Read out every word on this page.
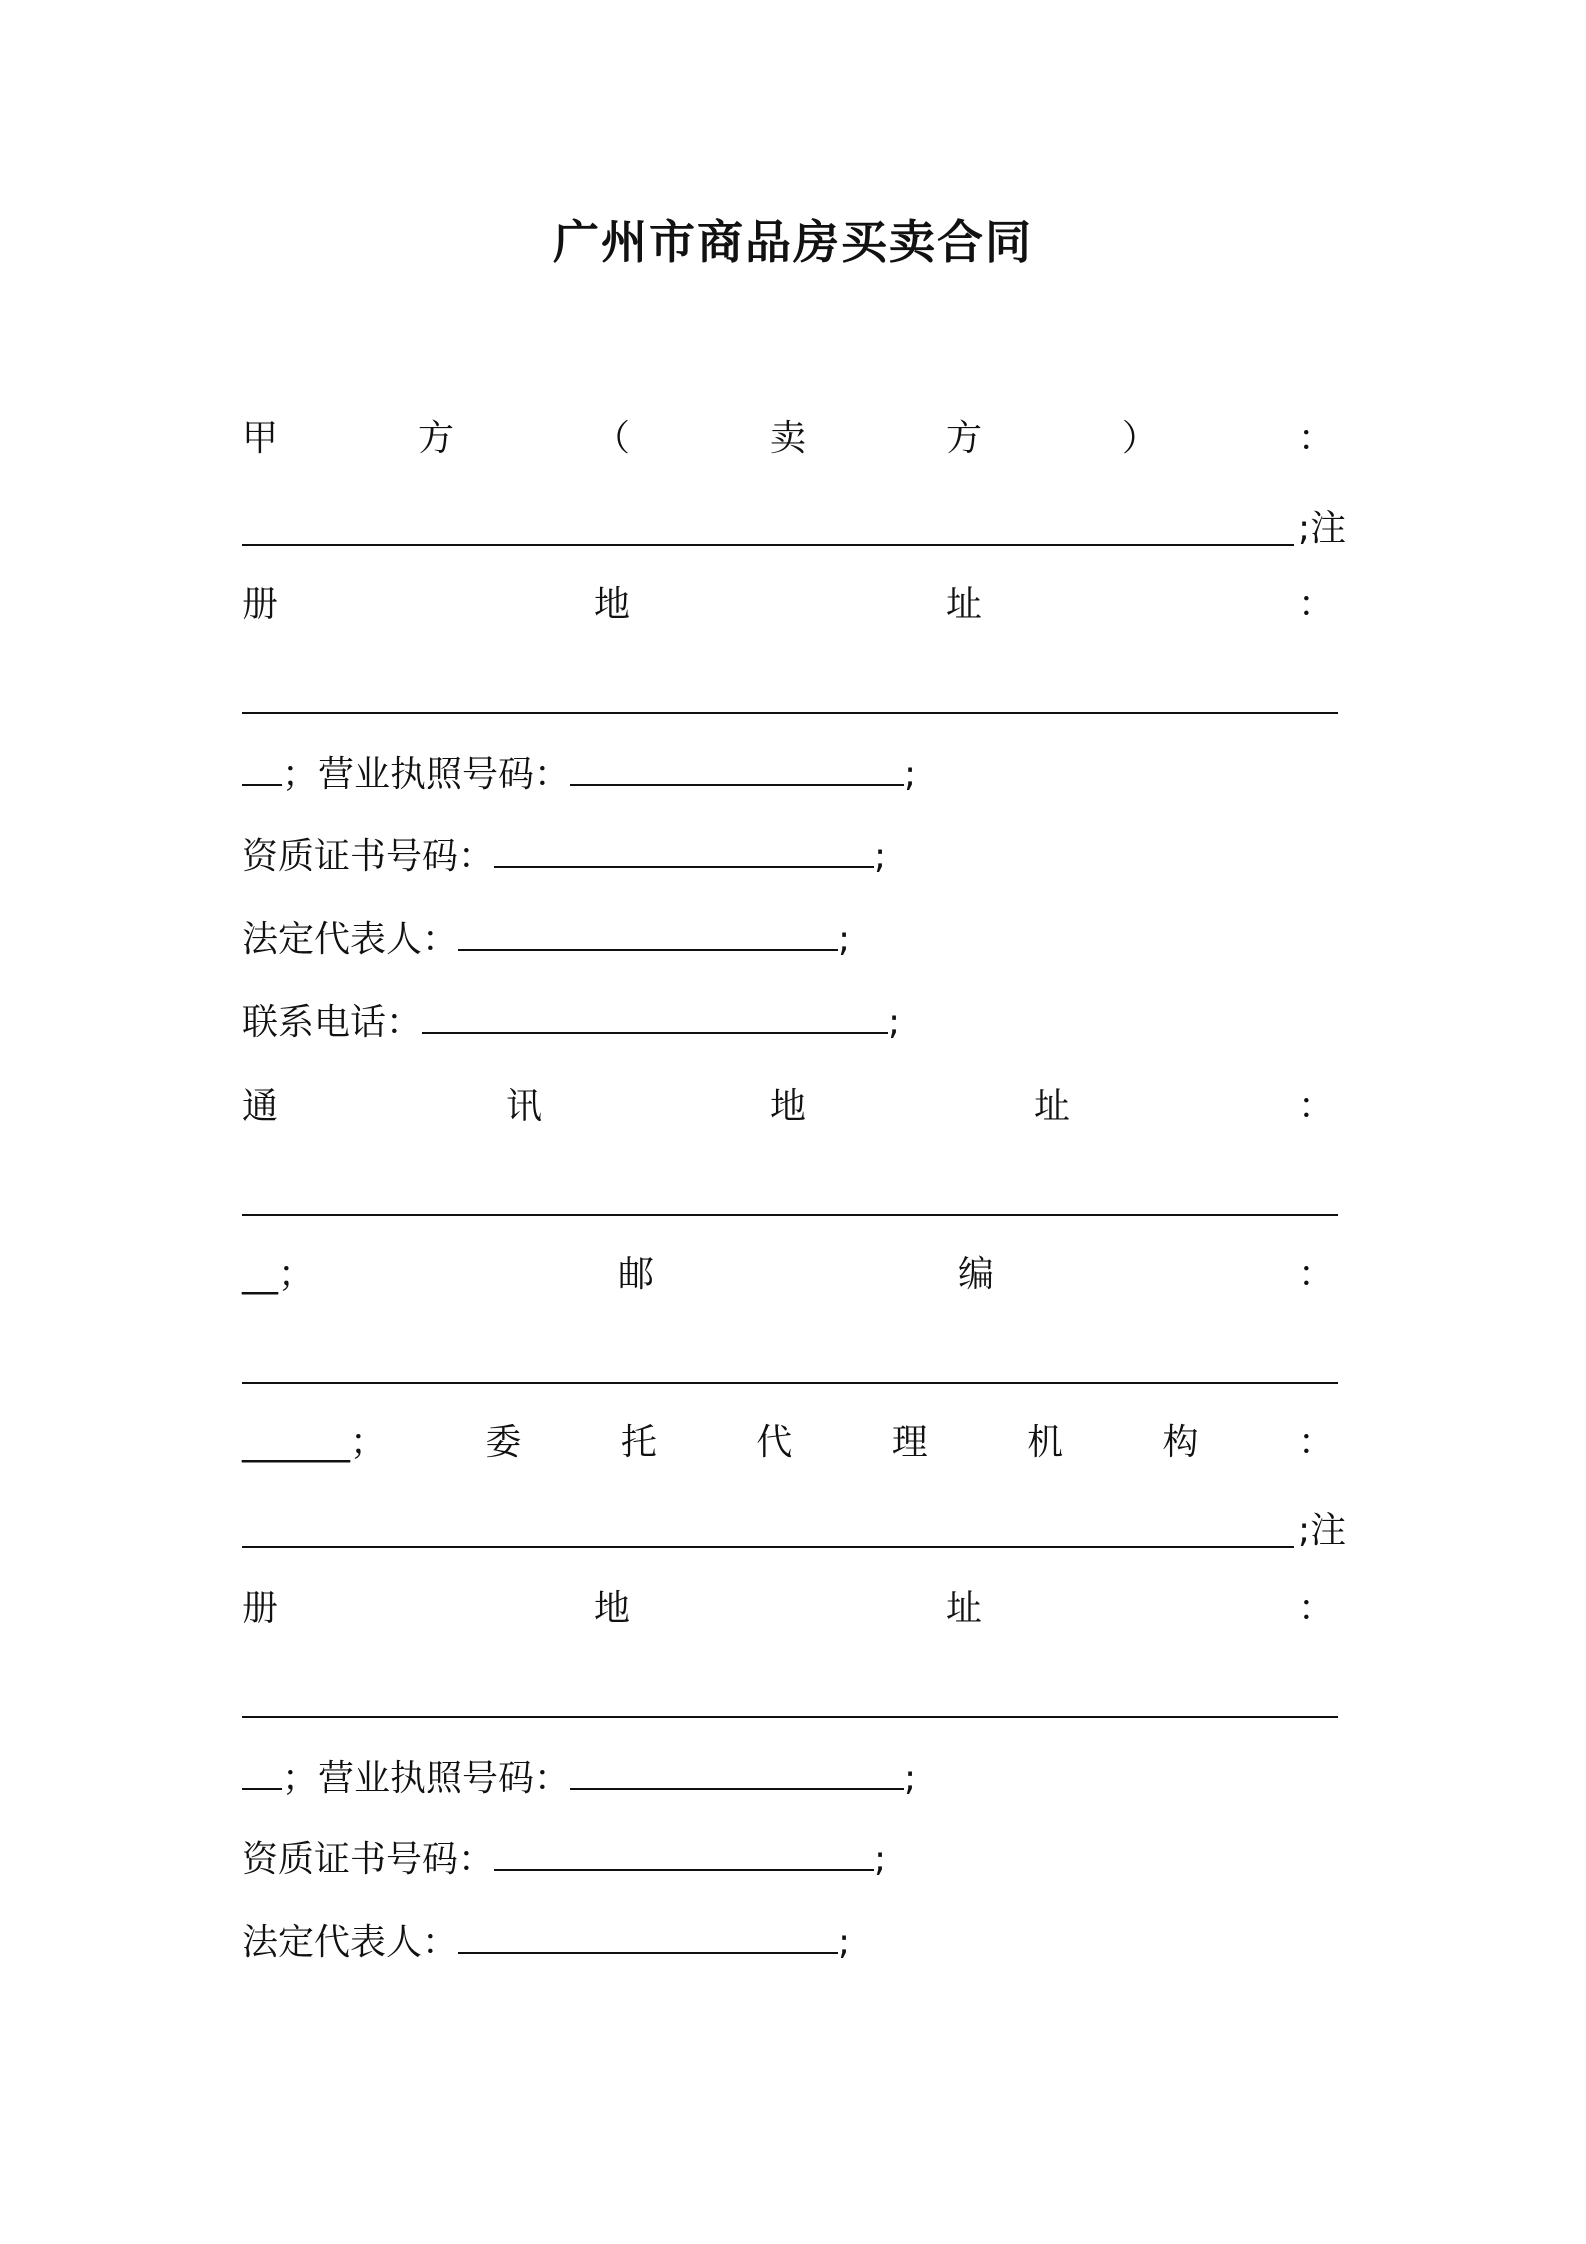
广州市商品房买卖合同
甲	方	（	卖	方	）	：
;注
册	地	址	：
；营业执照号码：	;
资质证书号码：	;
法定代表人：	;
联系电话：	;
通	讯	地	址	：
__；	邮	编	：
______；	委	托	代	理	机	构	：
;注
册	地	址	：
；营业执照号码：	;
资质证书号码：	;
法定代表人：	;
